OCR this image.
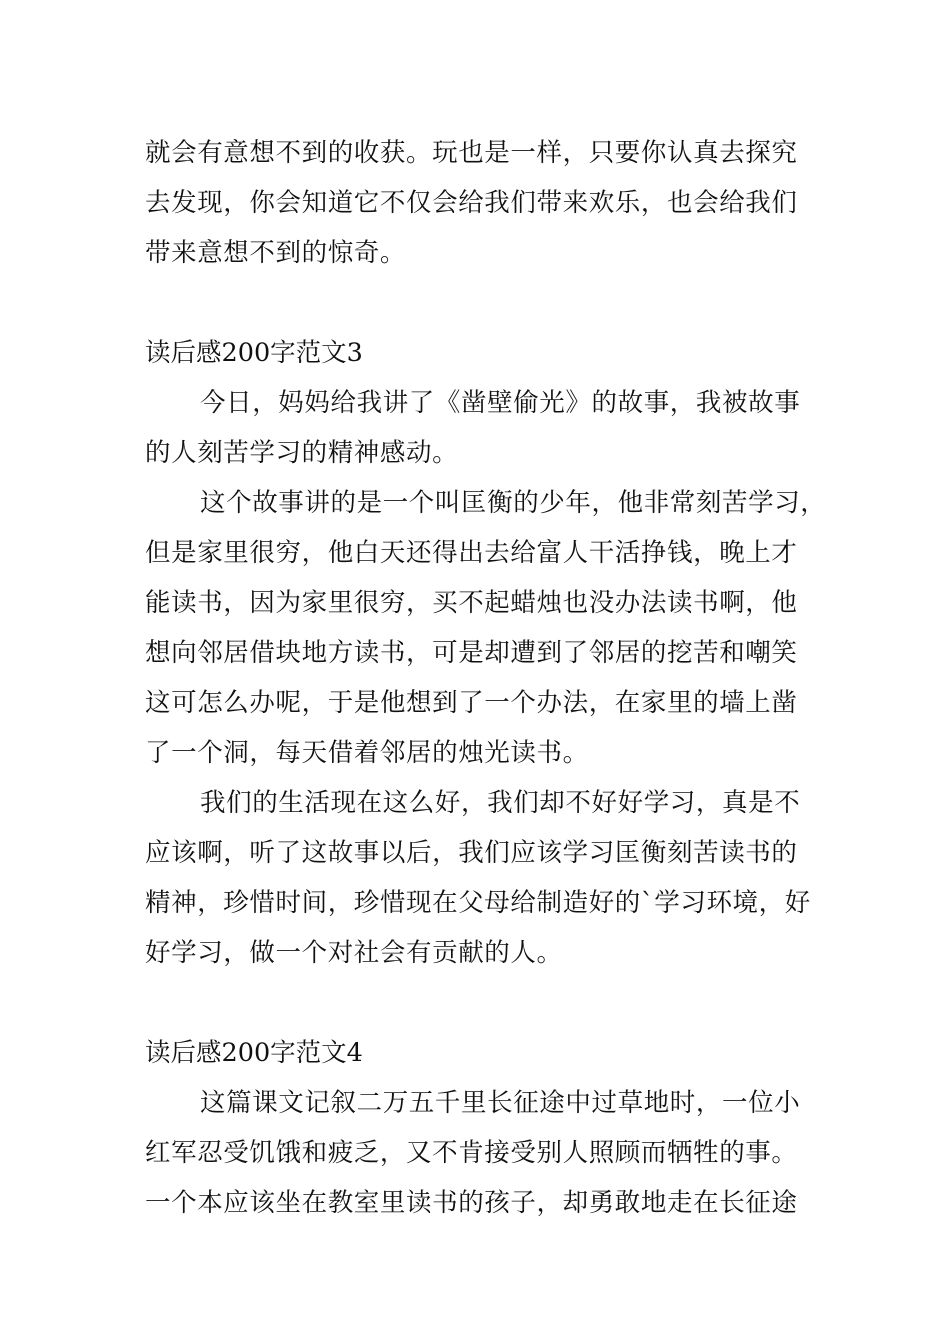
就会有意想不到的收获。玩也是一样，只要你认真去探究
去发现，你会知道它不仅会给我们带来欢乐，也会给我们
带来意想不到的惊奇。
读后感200字范文3
今日，妈妈给我讲了《凿壁偷光》的故事，我被故事
的人刻苦学习的精神感动。
这个故事讲的是一个叫匡衡的少年，他非常刻苦学习，
但是家里很穷，他白天还得出去给富人干活挣钱，晚上才
能读书，因为家里很穷，买不起蜡烛也没办法读书啊，他
想向邻居借块地方读书，可是却遭到了邻居的挖苦和嘲笑
这可怎么办呢，于是他想到了一个办法，在家里的墙上凿
了一个洞，每天借着邻居的烛光读书。
我们的生活现在这么好，我们却不好好学习，真是不
应该啊，听了这故事以后，我们应该学习匡衡刻苦读书的
精神，珍惜时间，珍惜现在父母给制造好的`学习环境，好
好学习，做一个对社会有贡献的人。
读后感200字范文4
这篇课文记叙二万五千里长征途中过草地时，一位小
红军忍受饥饿和疲乏，又不肯接受别人照顾而牺牲的事。
一个本应该坐在教室里读书的孩子，却勇敢地走在长征途
